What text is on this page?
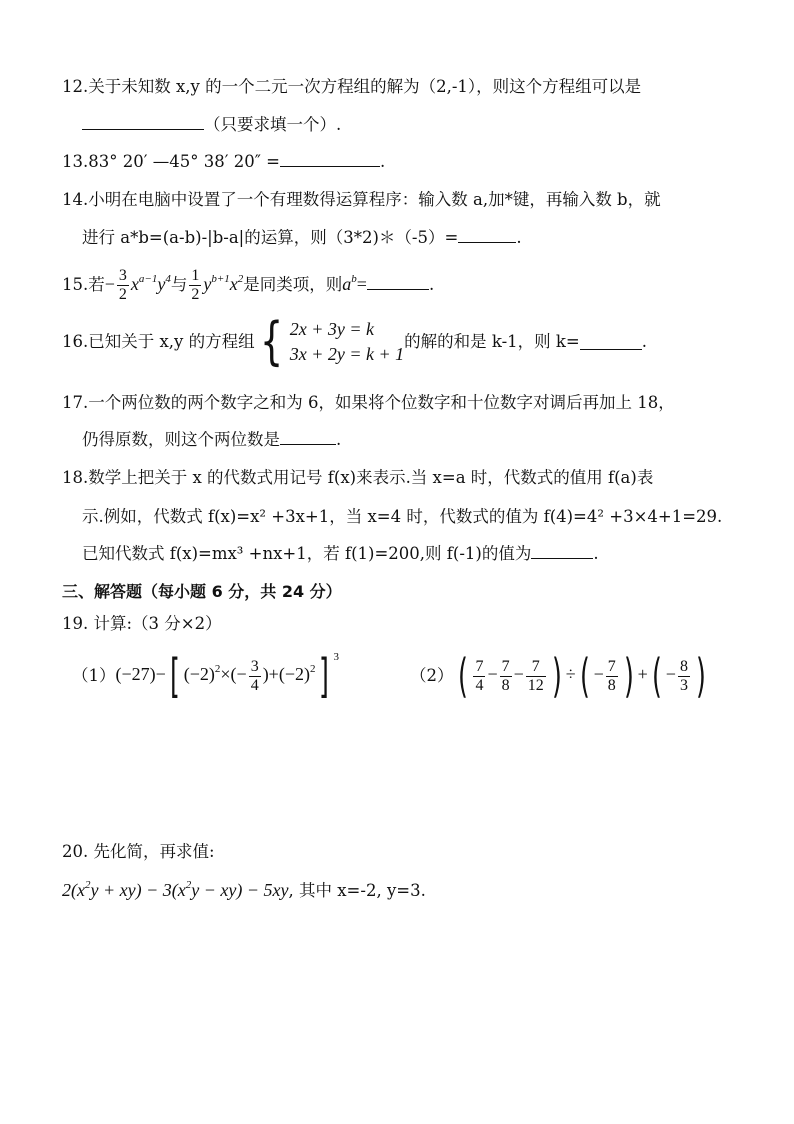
12.关于未知数 x,y 的一个二元一次方程组的解为（2,-1），则这个方程组可以是
（只要求填一个）.
13.83° 20′ —45° 38′ 20″ =	.
14.小明在电脑中设置了一个有理数得运算程序：输入数 a,加*键，再输入数 b，就
进行 a*b=(a-b)-|b-a|的运算，则（3*2)＊（-5）=	.
15.若− $\frac{3}{2} x^{a-1}y^4$与 $\frac{1}{2} y^{b+1}x^2$是同类项，则$a^b=$	.
16.已知关于 x,y 的方程组 { 2x + 3y = k
3x + 2y = k + 1
的解的和是 k-1，则 k=	.
17.一个两位数的两个数字之和为 6，如果将个位数字和十位数字对调后再加上 18，
仍得原数，则这个两位数是	.
18.数学上把关于 x 的代数式用记号 f(x)来表示.当 x=a 时，代数式的值用 f(a)表
示.例如，代数式 f(x)=x² +3x+1，当 x=4 时，代数式的值为 f(4)=4² +3×4+1=29.
已知代数式 f(x)=mx³ +nx+1，若 f(1)=200,则 f(-1)的值为	.
三、解答题（每小题 6 分，共 24 分）
19. 计算:（3 分×2）
（1） (−27)−[ $(-2)^2\times(- \frac{3}{4} )+(-2)^2$] $^3$
（2） ( $\frac{7}{4} - \frac{7}{8} - \frac{7}{12}$ ) ÷( − $\frac{7}{8}$ ) +( − $\frac{8}{3}$ )
20. 先化简，再求值:
$2(x^2y + xy) - 3(x^2y - xy) - 5xy$, 其中 x=-2, y=3.
